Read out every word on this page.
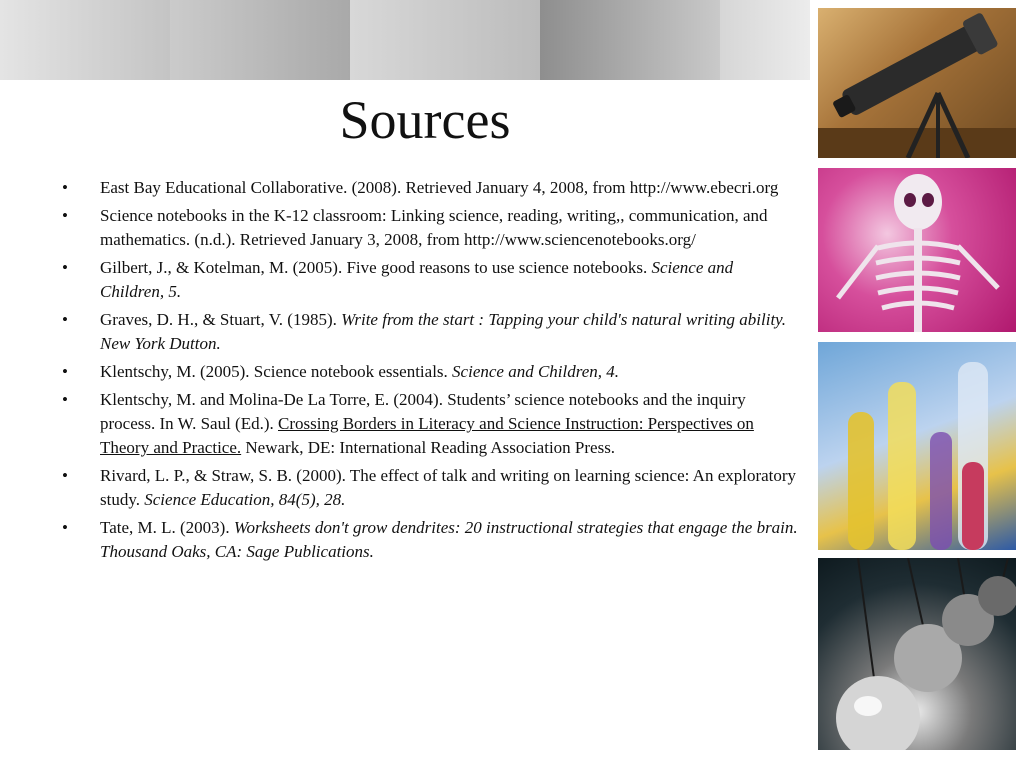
Sources
• East Bay Educational Collaborative. (2008). Retrieved January 4, 2008, from http://www.ebecri.org
• Science notebooks in the K-12 classroom: Linking science, reading, writing,, communication, and mathematics. (n.d.). Retrieved January 3, 2008, from http://www.sciencenotebooks.org/
• Gilbert, J., & Kotelman, M. (2005). Five good reasons to use science notebooks. Science and Children, 5.
• Graves, D. H., & Stuart, V. (1985). Write from the start : Tapping your child's natural writing ability. New York Dutton.
• Klentschy, M. (2005). Science notebook essentials. Science and Children, 4.
• Klentschy, M. and Molina-De La Torre, E. (2004). Students’ science notebooks and the inquiry process. In W. Saul (Ed.). Crossing Borders in Literacy and Science Instruction: Perspectives on Theory and Practice. Newark, DE: International Reading Association Press.
• Rivard, L. P., & Straw, S. B. (2000). The effect of talk and writing on learning science: An exploratory study. Science Education, 84(5), 28.
• Tate, M. L. (2003). Worksheets don't grow dendrites: 20 instructional strategies that engage the brain. Thousand Oaks, CA: Sage Publications.
